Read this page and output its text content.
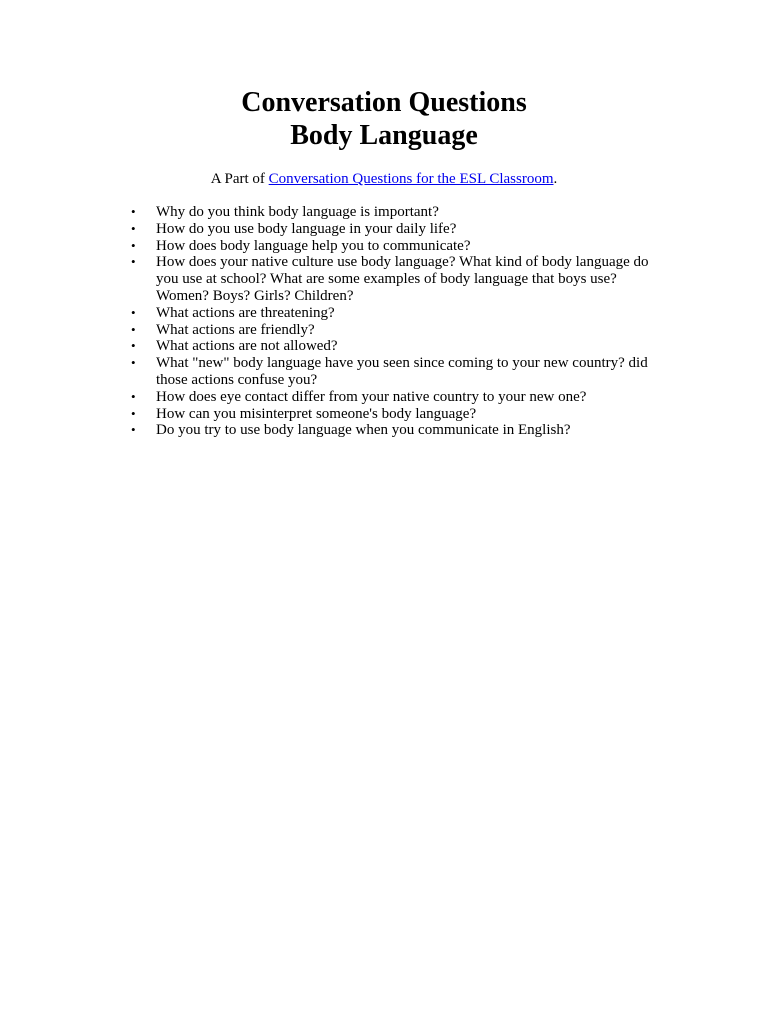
Conversation Questions
Body Language
A Part of Conversation Questions for the ESL Classroom.
• Why do you think body language is important?
• How do you use body language in your daily life?
• How does body language help you to communicate?
• How does your native culture use body language? What kind of body language do you use at school? What are some examples of body language that boys use? Women? Boys? Girls? Children?
• What actions are threatening?
• What actions are friendly?
• What actions are not allowed?
• What "new" body language have you seen since coming to your new country? did those actions confuse you?
• How does eye contact differ from your native country to your new one?
• How can you misinterpret someone's body language?
• Do you try to use body language when you communicate in English?
